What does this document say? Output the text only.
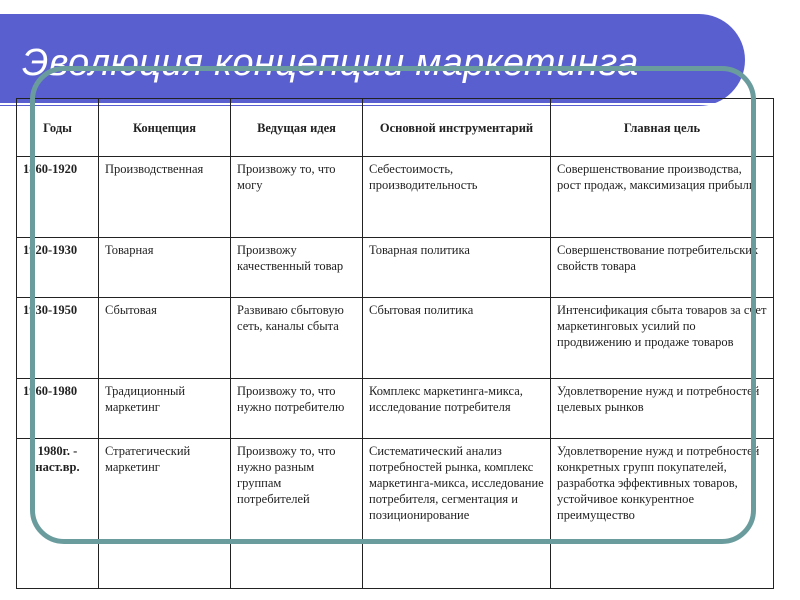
Эволюция концепции маркетинга
Годы	Концепция	Ведущая идея	Основной инструментарий	Главная цель
1860-1920	Производственная	Произвожу то, что могу	Себестоимость, производительность	Совершенствование производства, рост продаж, максимизация прибыли
1920-1930	Товарная	Произвожу качественный товар	Товарная политика	Совершенствование потребительских свойств товара
1930-1950	Сбытовая	Развиваю сбытовую сеть, каналы сбыта	Сбытовая политика	Интенсификация сбыта товаров за счет маркетинговых усилий по продвижению и продаже товаров
1960-1980	Традиционный маркетинг	Произвожу то, что нужно потребителю	Комплекс маркетинга-микса, исследование потребителя	Удовлетворение нужд и потребностей целевых рынков
1980г. - наст.вр.	Стратегический маркетинг	Произвожу то, что нужно разным группам потребителей	Систематический анализ потребностей рынка, комплекс маркетинга-микса, исследование потребителя, сегментация и позиционирование	Удовлетворение нужд и потребностей конкретных групп покупателей, разработка эффективных товаров, устойчивое конкурентное преимущество
